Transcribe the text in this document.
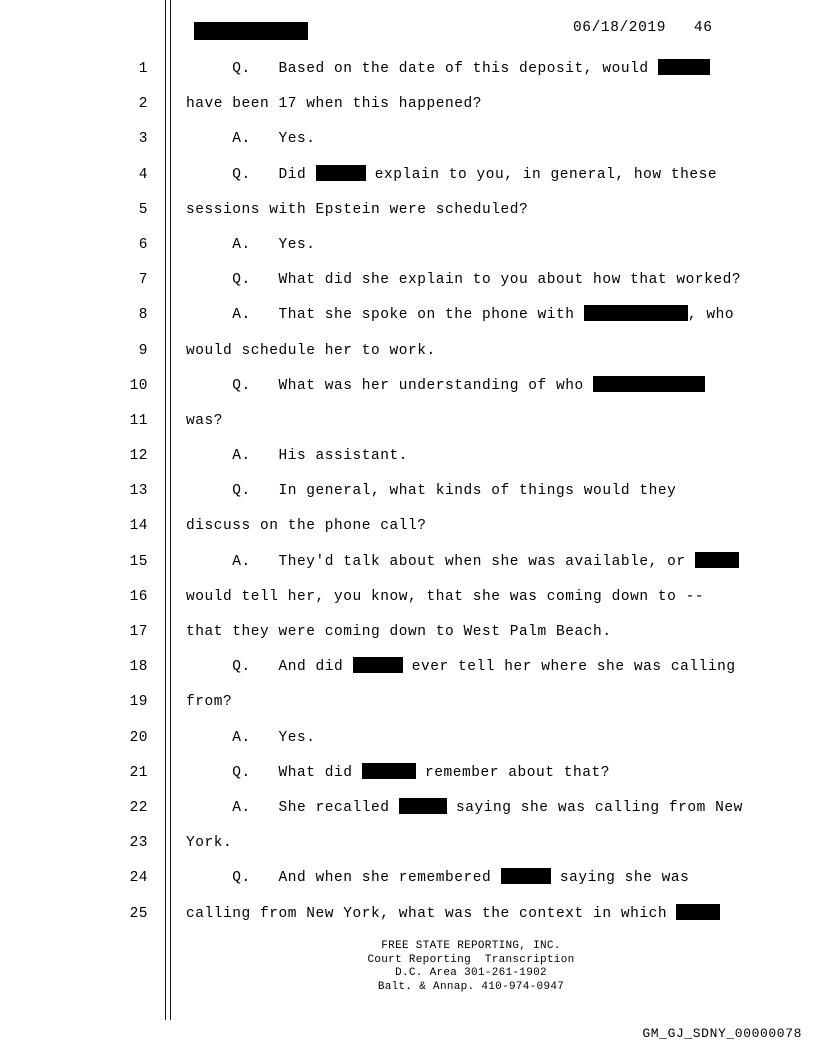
06/18/2019   46
1	Q.   Based on the date of this deposit, would
2	have been 17 when this happened?
3	A.   Yes.
4	Q.   Did	explain to you, in general, how these
5	sessions with Epstein were scheduled?
6	A.   Yes.
7	Q.   What did she explain to you about how that worked?
8	A.   That she spoke on the phone with	, who
9	would schedule her to work.
10	Q.   What was her understanding of who
11	was?
12	A.   His assistant.
13	Q.   In general, what kinds of things would they
14	discuss on the phone call?
15	A.   They'd talk about when she was available, or
16	would tell her, you know, that she was coming down to --
17	that they were coming down to West Palm Beach.
18	Q.   And did	ever tell her where she was calling
19	from?
20	A.   Yes.
21	Q.   What did	remember about that?
22	A.   She recalled	saying she was calling from New
23	York.
24	Q.   And when she remembered	saying she was
25	calling from New York, what was the context in which
FREE STATE REPORTING, INC.
Court Reporting  Transcription
D.C. Area 301-261-1902
Balt. & Annap. 410-974-0947
GM_GJ_SDNY_00000078
